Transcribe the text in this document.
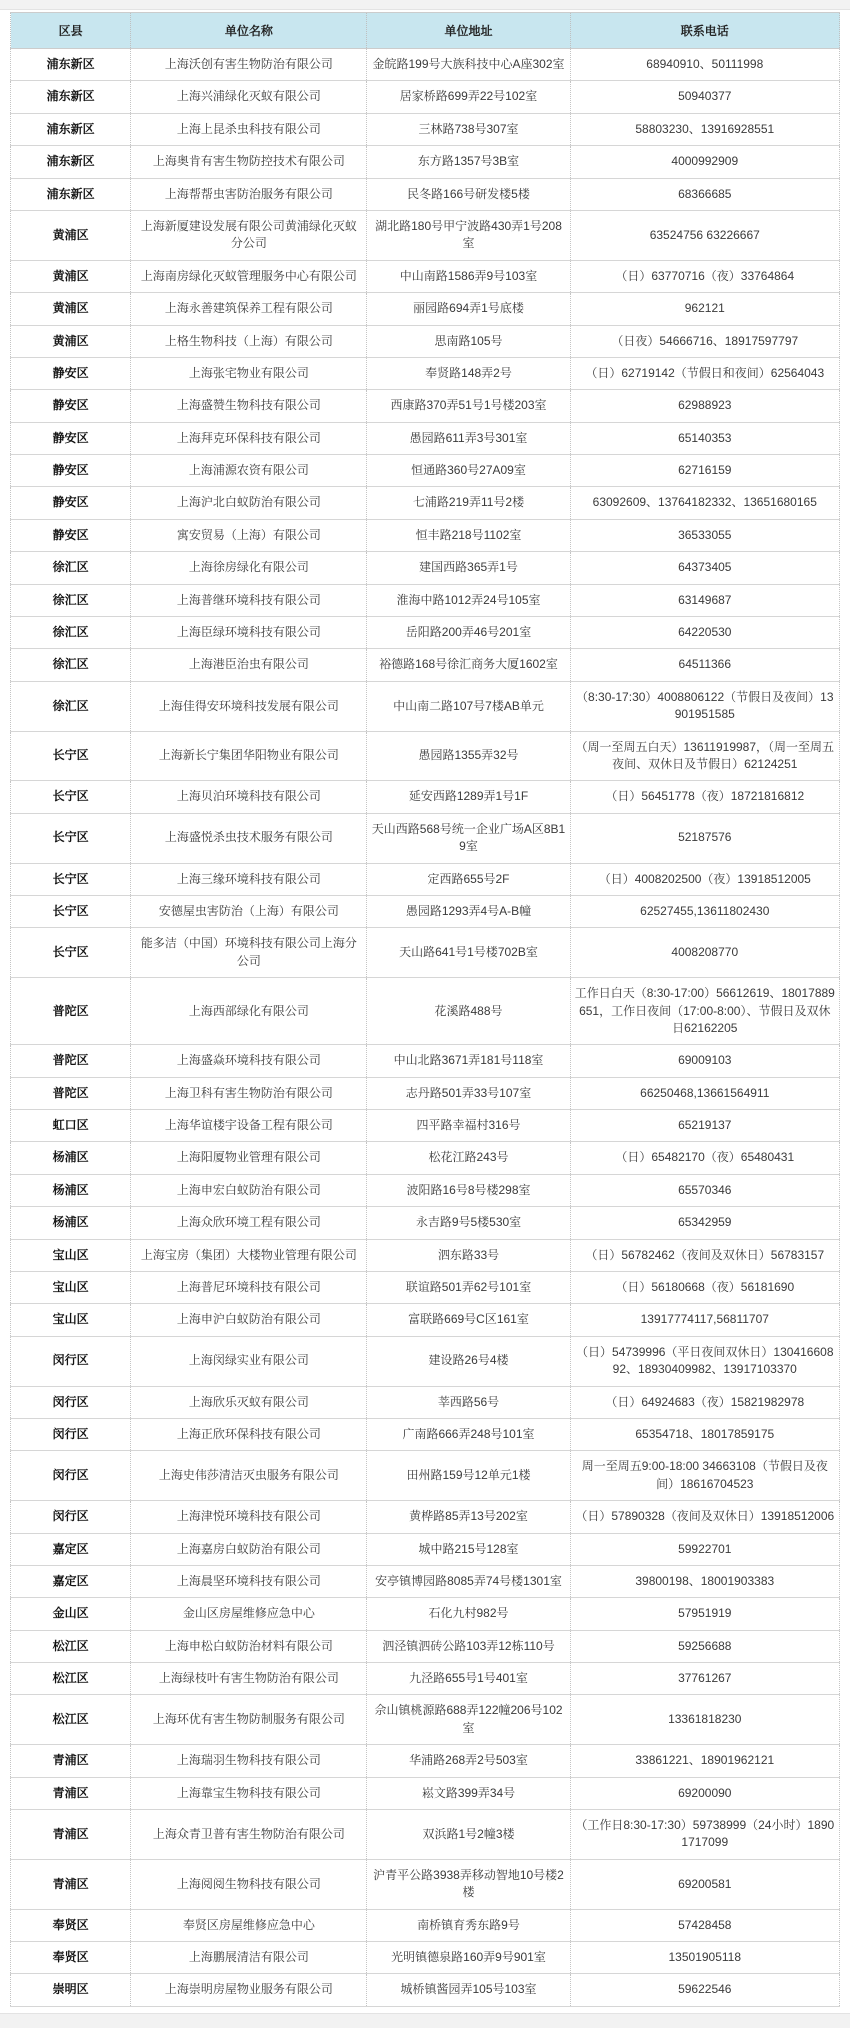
区县	单位名称	单位地址	联系电话
浦东新区	上海沃创有害生物防治有限公司	金皖路199号大族科技中心A座302室	68940910、50111998
浦东新区	上海兴浦绿化灭蚁有限公司	居家桥路699弄22号102室	50940377
浦东新区	上海上昆杀虫科技有限公司	三林路738号307室	58803230、13916928551
浦东新区	上海奥肯有害生物防控技术有限公司	东方路1357号3B室	4000992909
浦东新区	上海帮帮虫害防治服务有限公司	民冬路166号研发楼5楼	68366685
黄浦区	上海新厦建设发展有限公司黄浦绿化灭蚁分公司	湖北路180号甲宁波路430弄1号208室	63524756 63226667
黄浦区	上海南房绿化灭蚁管理服务中心有限公司	中山南路1586弄9号103室	（日）63770716（夜）33764864
黄浦区	上海永善建筑保养工程有限公司	丽园路694弄1号底楼	962121
黄浦区	上格生物科技（上海）有限公司	思南路105号	（日夜）54666716、18917597797
静安区	上海张宅物业有限公司	奉贤路148弄2号	（日）62719142（节假日和夜间）62564043
静安区	上海盛赞生物科技有限公司	西康路370弄51号1号楼203室	62988923
静安区	上海拜克环保科技有限公司	愚园路611弄3号301室	65140353
静安区	上海浦源农资有限公司	恒通路360号27A09室	62716159
静安区	上海沪北白蚁防治有限公司	七浦路219弄11号2楼	63092609、13764182332、13651680165
静安区	寓安贸易（上海）有限公司	恒丰路218号1102室	36533055
徐汇区	上海徐房绿化有限公司	建国西路365弄1号	64373405
徐汇区	上海普继环境科技有限公司	淮海中路1012弄24号105室	63149687
徐汇区	上海臣绿环境科技有限公司	岳阳路200弄46号201室	64220530
徐汇区	上海港臣治虫有限公司	裕德路168号徐汇商务大厦1602室	64511366
徐汇区	上海佳得安环境科技发展有限公司	中山南二路107号7楼AB单元	（8:30-17:30）4008806122（节假日及夜间）13901951585
长宁区	上海新长宁集团华阳物业有限公司	愚园路1355弄32号	（周一至周五白天）13611919987，（周一至周五夜间、双休日及节假日）62124251
长宁区	上海贝泊环境科技有限公司	延安西路1289弄1号1F	（日）56451778（夜）18721816812
长宁区	上海盛悦杀虫技术服务有限公司	天山西路568号统一企业广场A区8B19室	52187576
长宁区	上海三缘环境科技有限公司	定西路655号2F	（日）4008202500（夜）13918512005
长宁区	安德屋虫害防治（上海）有限公司	愚园路1293弄4号A-B幢	62527455,13611802430
长宁区	能多洁（中国）环境科技有限公司上海分公司	天山路641号1号楼702B室	4008208770
普陀区	上海西部绿化有限公司	花溪路488号	工作日白天（8:30-17:00）56612619、18017889651，工作日夜间（17:00-8:00）、节假日及双休日62162205
普陀区	上海盛焱环境科技有限公司	中山北路3671弄181号118室	69009103
普陀区	上海卫科有害生物防治有限公司	志丹路501弄33号107室	66250468,13661564911
虹口区	上海华谊楼宇设备工程有限公司	四平路幸福村316号	65219137
杨浦区	上海阳厦物业管理有限公司	松花江路243号	（日）65482170（夜）65480431
杨浦区	上海申宏白蚁防治有限公司	波阳路16号8号楼298室	65570346
杨浦区	上海众欣环境工程有限公司	永吉路9号5楼530室	65342959
宝山区	上海宝房（集团）大楼物业管理有限公司	泗东路33号	（日）56782462（夜间及双休日）56783157
宝山区	上海普尼环境科技有限公司	联谊路501弄62号101室	（日）56180668（夜）56181690
宝山区	上海申沪白蚁防治有限公司	富联路669号C区161室	13917774117,56811707
闵行区	上海闵绿实业有限公司	建设路26号4楼	（日）54739996（平日夜间双休日）13041660892、18930409982、13917103370
闵行区	上海欣乐灭蚁有限公司	莘西路56号	（日）64924683（夜）15821982978
闵行区	上海正欣环保科技有限公司	广南路666弄248号101室	65354718、18017859175
闵行区	上海史伟莎清洁灭虫服务有限公司	田州路159号12单元1楼	周一至周五9:00-18:00 34663108（节假日及夜间）18616704523
闵行区	上海津悦环境科技有限公司	黄桦路85弄13号202室	（日）57890328（夜间及双休日）13918512006
嘉定区	上海嘉房白蚁防治有限公司	城中路215号128室	59922701
嘉定区	上海晨坚环境科技有限公司	安亭镇博园路8085弄74号楼1301室	39800198、18001903383
金山区	金山区房屋维修应急中心	石化九村982号	57951919
松江区	上海申松白蚁防治材料有限公司	泗泾镇泗砖公路103弄12栋110号	59256688
松江区	上海绿枝叶有害生物防治有限公司	九泾路655号1号401室	37761267
松江区	上海环优有害生物防制服务有限公司	佘山镇桃源路688弄122幢206号102室	13361818230
青浦区	上海瑞羽生物科技有限公司	华浦路268弄2号503室	33861221、18901962121
青浦区	上海靠宝生物科技有限公司	崧文路399弄34号	69200090
青浦区	上海众青卫普有害生物防治有限公司	双浜路1号2幢3楼	（工作日8:30-17:30）59738999（24小时）18901717099
青浦区	上海阅阅生物科技有限公司	沪青平公路3938弄移动智地10号楼2楼	69200581
奉贤区	奉贤区房屋维修应急中心	南桥镇育秀东路9号	57428458
奉贤区	上海鹏展清洁有限公司	光明镇德泉路160弄9号901室	13501905118
崇明区	上海崇明房屋物业服务有限公司	城桥镇酱园弄105号103室	59622546
